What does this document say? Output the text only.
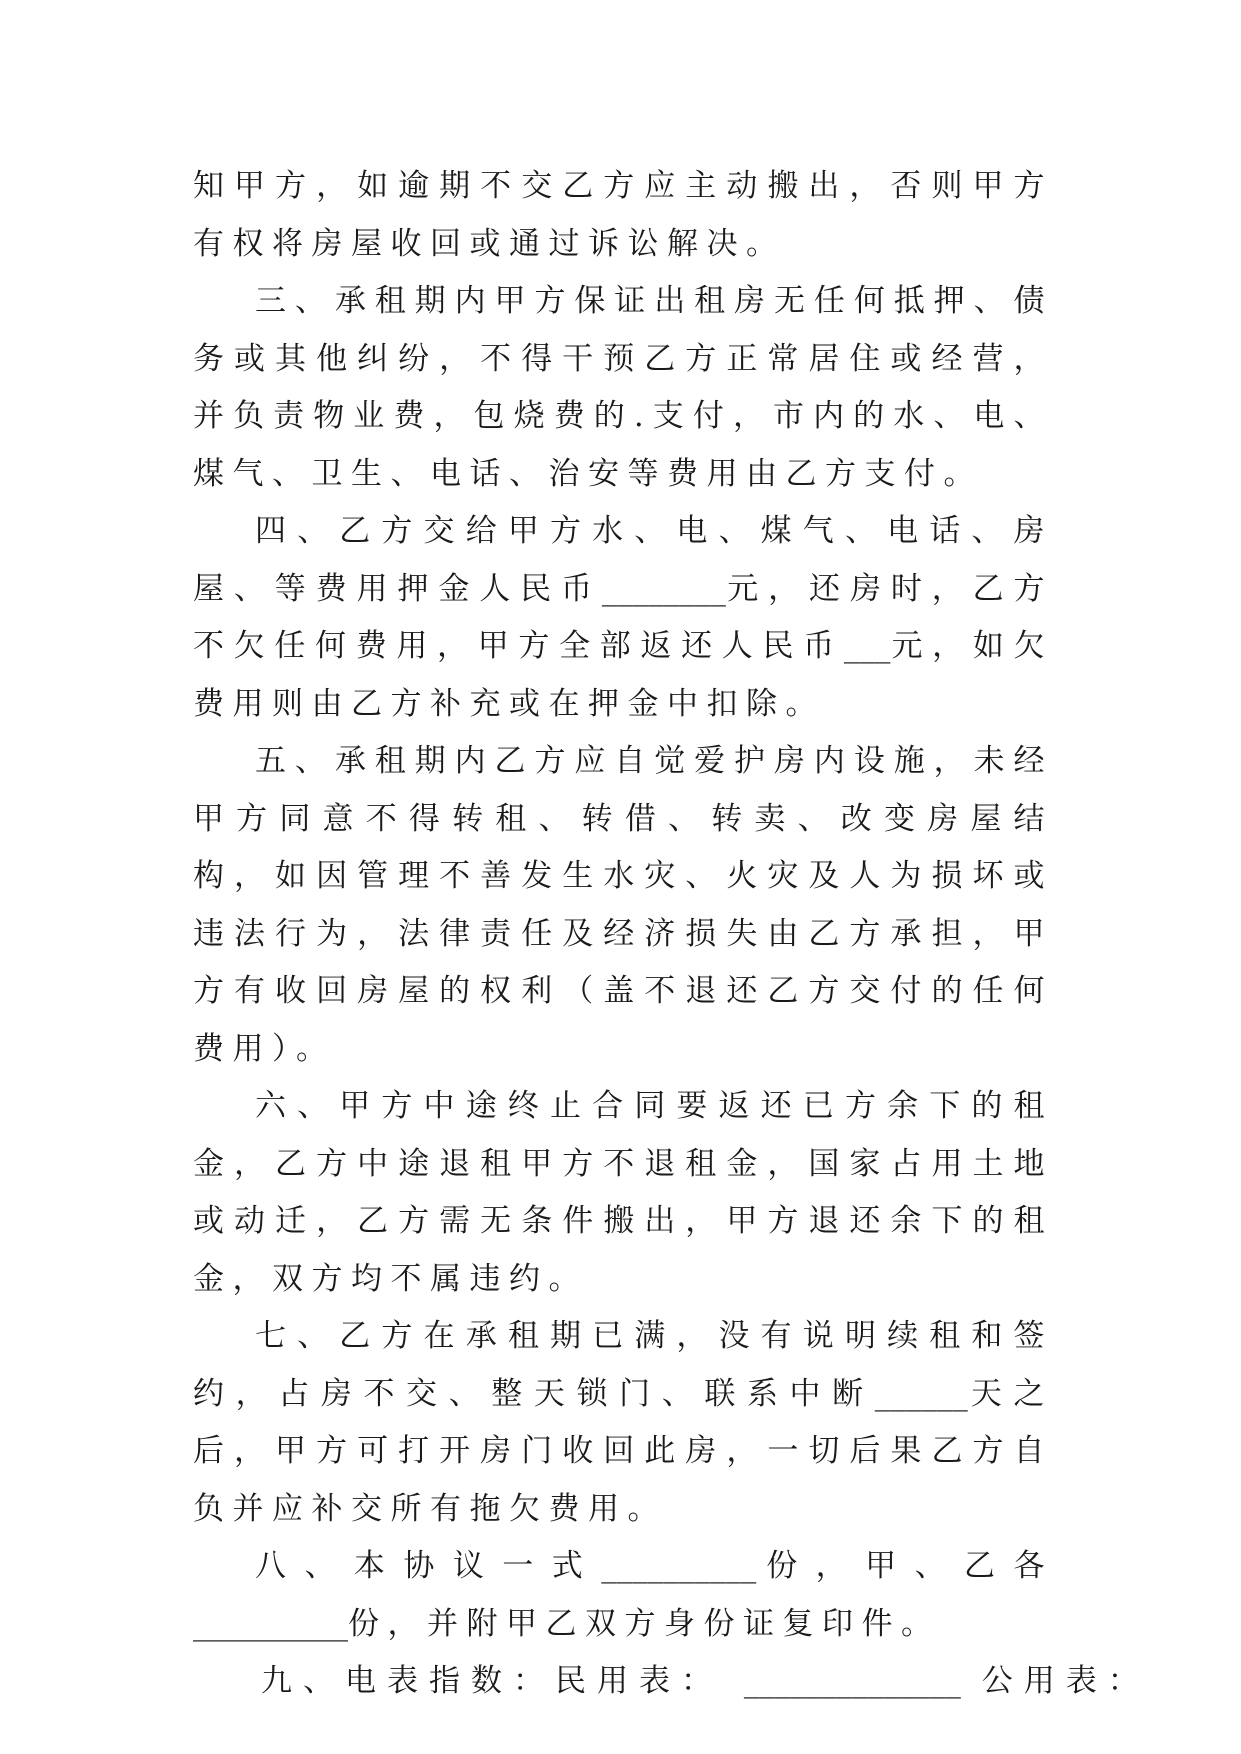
知甲方，如逾期不交乙方应主动搬出，否则甲方有权将房屋收回或通过诉讼解决。

三、承租期内甲方保证出租房无任何抵押、债务或其他纠纷，不得干预乙方正常居住或经营，并负责物业费，包烧费的.支付，市内的水、电、煤气、卫生、电话、治安等费用由乙方支付。

四、乙方交给甲方水、电、煤气、电话、房屋、等费用押金人民币________元，还房时，乙方不欠任何费用，甲方全部返还人民币___元，如欠费用则由乙方补充或在押金中扣除。

五、承租期内乙方应自觉爱护房内设施，未经甲方同意不得转租、转借、转卖、改变房屋结构，如因管理不善发生水灾、火灾及人为损坏或违法行为，法律责任及经济损失由乙方承担，甲方有收回房屋的权利（盖不退还乙方交付的任何费用）。

六、甲方中途终止合同要返还已方余下的租金，乙方中途退租甲方不退租金，国家占用土地或动迁，乙方需无条件搬出，甲方退还余下的租金，双方均不属违约。

七、乙方在承租期已满，没有说明续租和签约，占房不交、整天锁门、联系中断______天之后，甲方可打开房门收回此房，一切后果乙方自负并应补交所有拖欠费用。

八、本协议一式__________份，甲、乙各__________份，并附甲乙双方身份证复印件。

九、电表指数：民用表： ______________ 公用表：
